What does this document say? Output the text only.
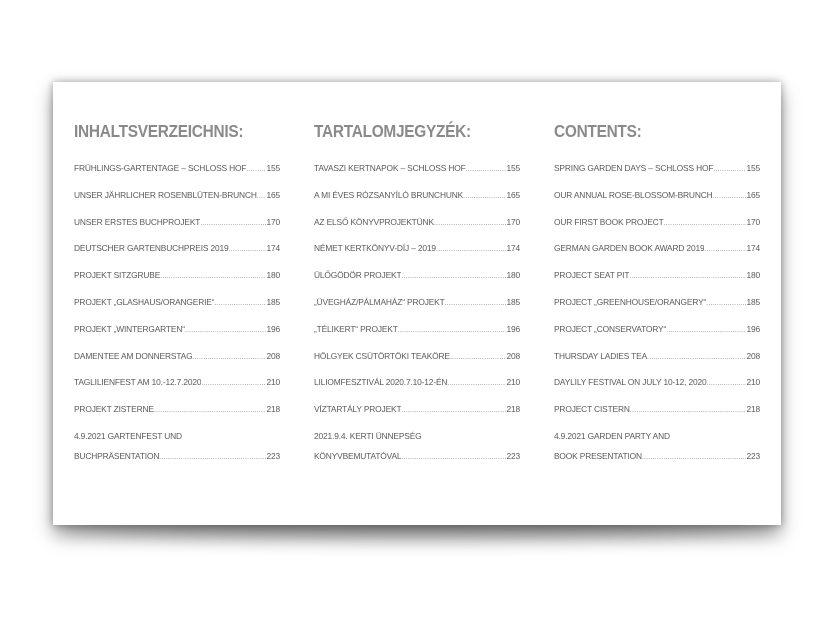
INHALTSVERZEICHNIS:
FRÜHLINGS-GARTENTAGE – SCHLOSS HOF ..... 155
UNSER JÄHRLICHER ROSENBLÜTEN-BRUNCH ..... 165
UNSER ERSTES BUCHPROJEKT .....	170
DEUTSCHER GARTENBUCHPREIS 2019 .....	174
PROJEKT SITZGRUBE .....	180
PROJEKT „GLASHAUS/ORANGERIE“ .....	185
PROJEKT „WINTERGARTEN“ .....	196
DAMENTEE AM DONNERSTAG .....	208
TAGLILIENFEST AM 10.-12.7.2020 .....	210
PROJEKT ZISTERNE .....	218
4.9.2021 GARTENFEST UND
BUCHPRÄSENTATION .....	223
TARTALOMJEGYZÉK:
TAVASZI KERTNAPOK – SCHLOSS HOF .....	155
A MI ÉVES RÓZSANYÍLÓ BRUNCHUNK .....	165
AZ ELSŐ KÖNYVPROJEKTÜNK .....	170
NÉMET KERTKÖNYV-DÍJ – 2019 .....	174
ÜLŐGÖDÖR PROJEKT .....	180
„ÜVEGHÁZ/PÁLMAHÁZ“ PROJEKT .....	185
„TÉLIKERT“ PROJEKT .....	196
HÖLGYEK CSÜTÖRTÖKI TEAKÖRE .....	208
LILIOMFESZTIVÁL 2020.7.10-12-ÉN .....	210
VÍZTARTÁLY PROJEKT .....	218
2021.9.4. KERTI ÜNNEPSÉG
KÖNYVBEMUTATÓVAL .....	223
CONTENTS:
SPRING GARDEN DAYS – SCHLOSS HOF .....	155
OUR ANNUAL ROSE-BLOSSOM-BRUNCH .....	165
OUR FIRST BOOK PROJECT .....	170
GERMAN GARDEN BOOK AWARD 2019 .....	174
PROJECT SEAT PIT .....	180
PROJECT „GREENHOUSE/ORANGERY“ .....	185
PROJECT „CONSERVATORY“ .....	196
THURSDAY LADIES TEA .....	208
DAYLILY FESTIVAL ON JULY 10-12, 2020 .....	210
PROJECT CISTERN .....	218
4.9.2021 GARDEN PARTY AND
BOOK PRESENTATION .....	223
